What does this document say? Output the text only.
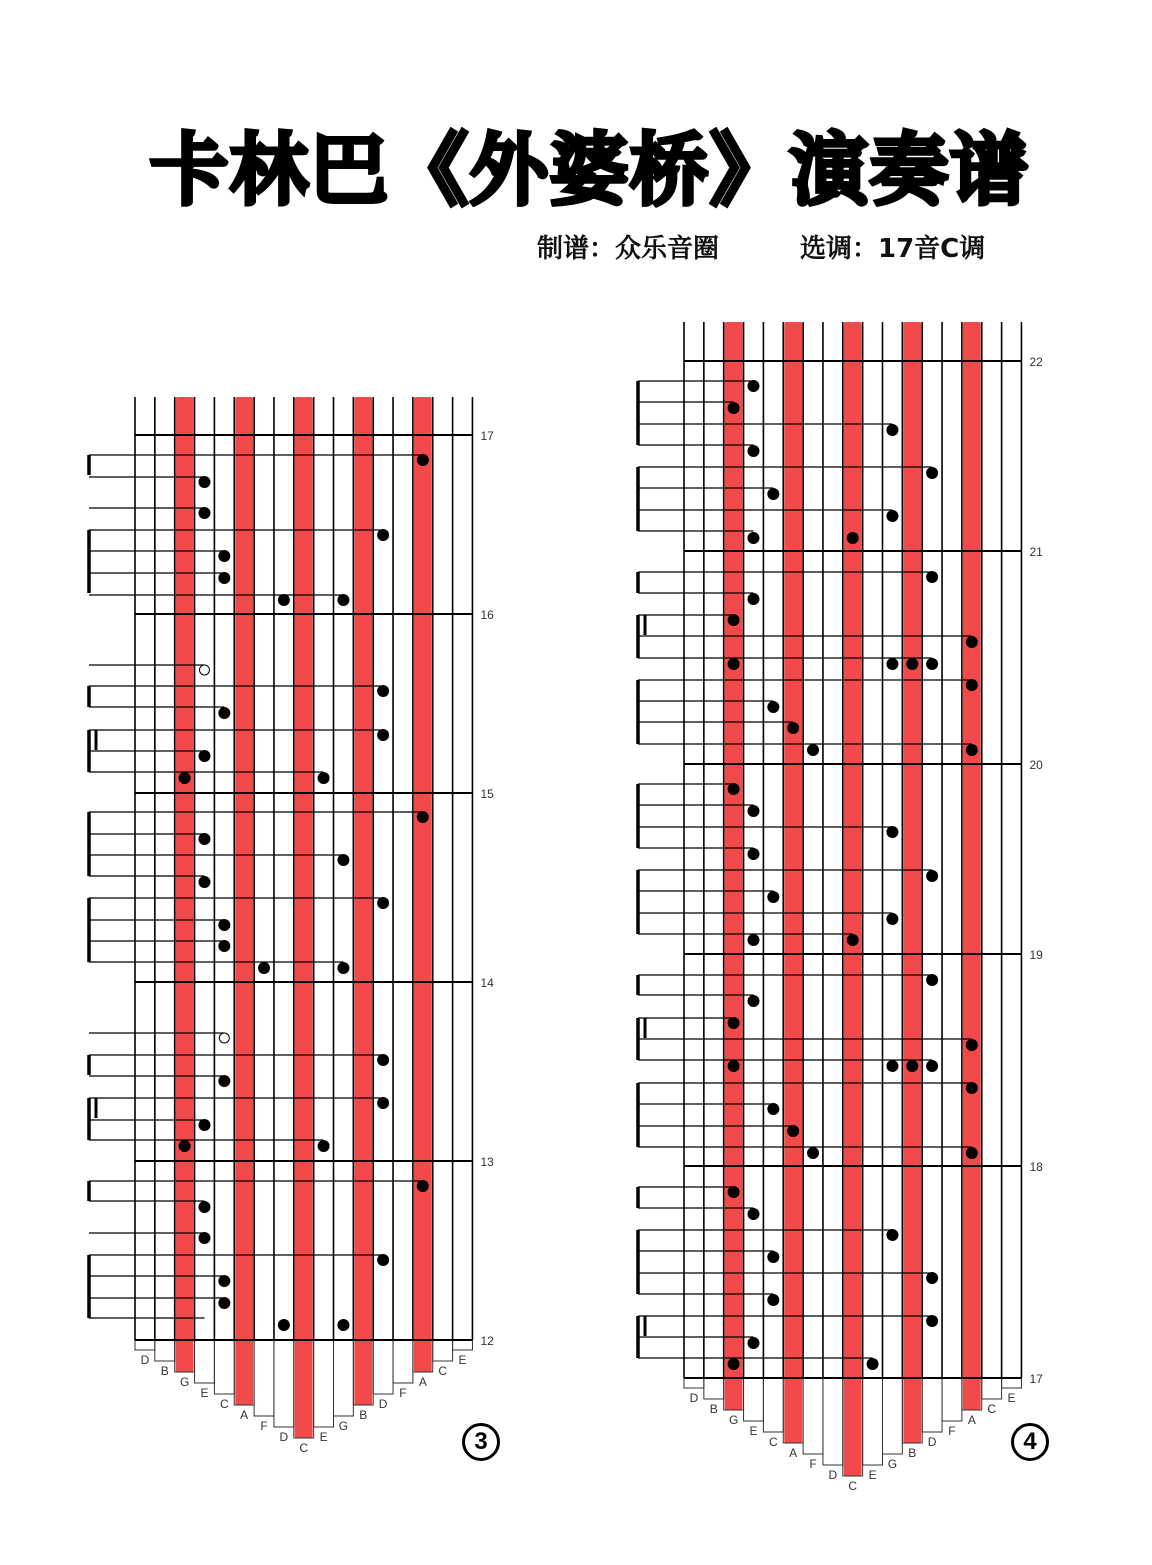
卡林巴《外婆桥》演奏谱
制谱：众乐音圈	选调：17音C调
D
B
G
E
C
A
F
D
C
E
G
B
D
F
A
C
E
17
16
15
14
13
12
D
B
G
E
C
A
F
D
C
E
G
B
D
F
A
C
E
22
21
20
19
18
17
3	4
